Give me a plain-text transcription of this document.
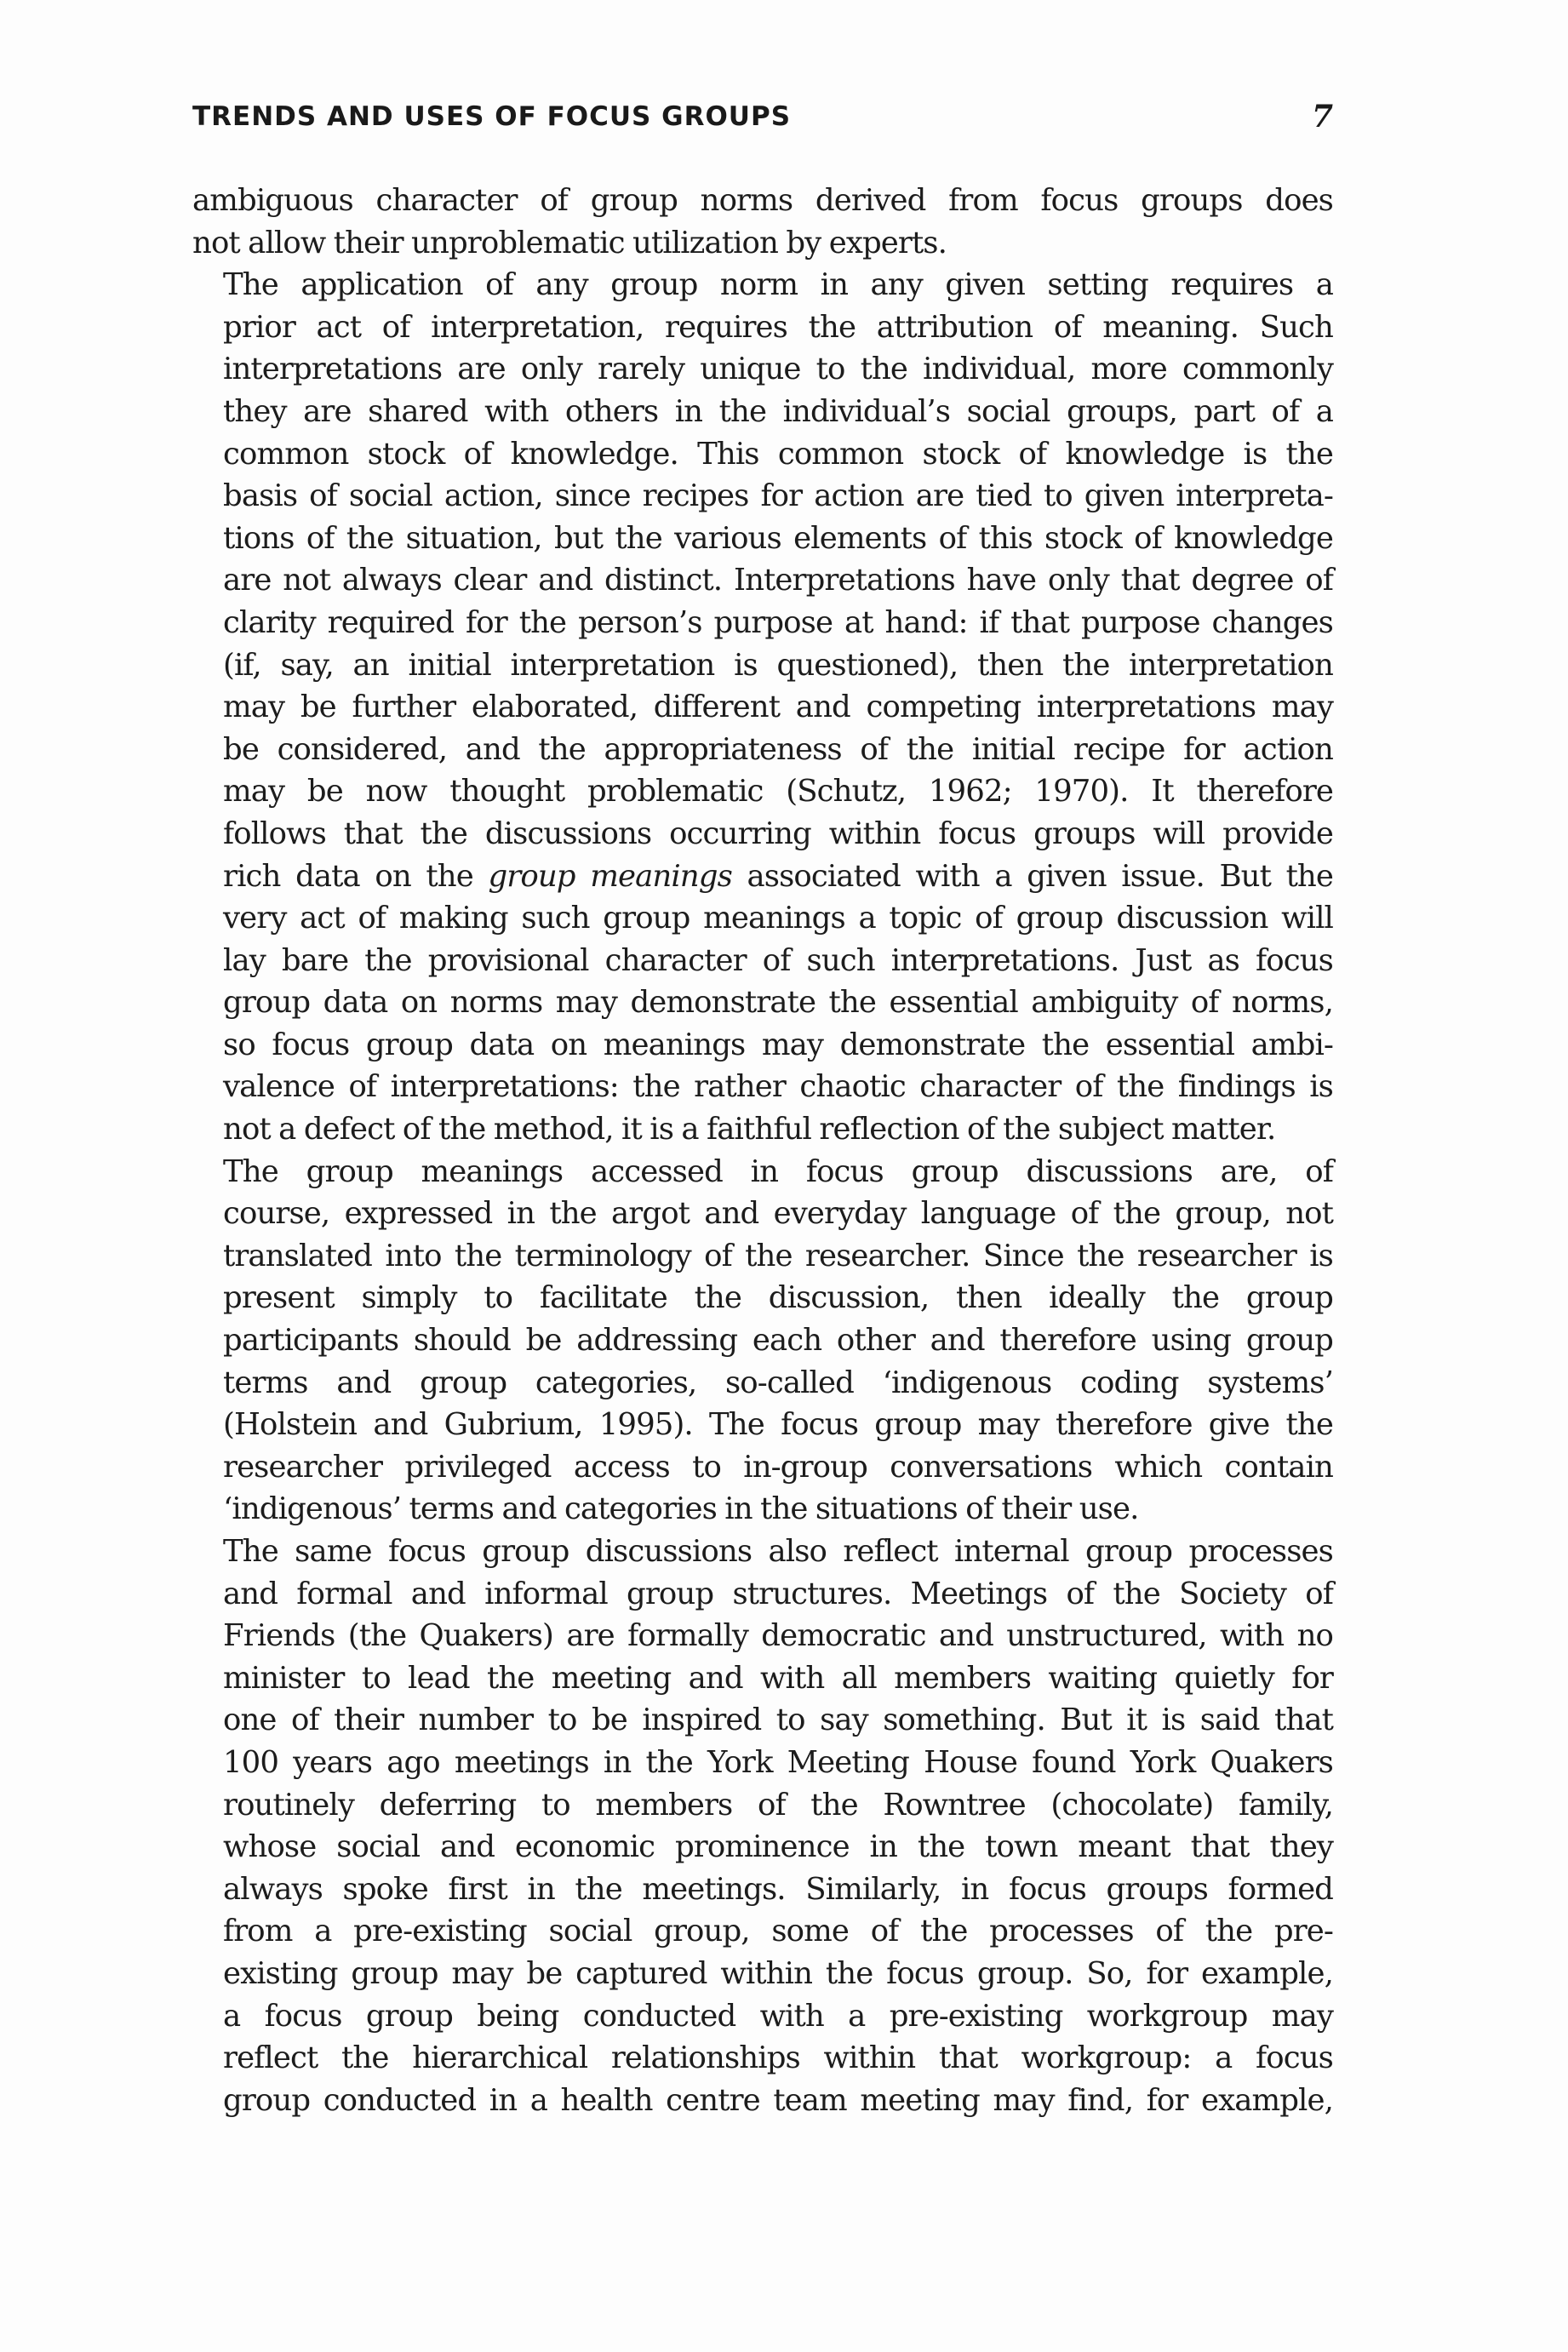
TRENDS AND USES OF FOCUS GROUPS	7

ambiguous character of group norms derived from focus groups does
not allow their unproblematic utilization by experts.

The application of any group norm in any given setting requires a
prior act of interpretation, requires the attribution of meaning. Such
interpretations are only rarely unique to the individual, more commonly
they are shared with others in the individual’s social groups, part of a
common stock of knowledge. This common stock of knowledge is the
basis of social action, since recipes for action are tied to given interpreta-
tions of the situation, but the various elements of this stock of knowledge
are not always clear and distinct. Interpretations have only that degree of
clarity required for the person’s purpose at hand: if that purpose changes
(if, say, an initial interpretation is questioned), then the interpretation
may be further elaborated, different and competing interpretations may
be considered, and the appropriateness of the initial recipe for action
may be now thought problematic (Schutz, 1962; 1970). It therefore
follows that the discussions occurring within focus groups will provide
rich data on the group meanings associated with a given issue. But the
very act of making such group meanings a topic of group discussion will
lay bare the provisional character of such interpretations. Just as focus
group data on norms may demonstrate the essential ambiguity of norms,
so focus group data on meanings may demonstrate the essential ambi-
valence of interpretations: the rather chaotic character of the findings is
not a defect of the method, it is a faithful reflection of the subject matter.

The group meanings accessed in focus group discussions are, of
course, expressed in the argot and everyday language of the group, not
translated into the terminology of the researcher. Since the researcher is
present simply to facilitate the discussion, then ideally the group
participants should be addressing each other and therefore using group
terms and group categories, so-called ‘indigenous coding systems’
(Holstein and Gubrium, 1995). The focus group may therefore give the
researcher privileged access to in-group conversations which contain
‘indigenous’ terms and categories in the situations of their use.

The same focus group discussions also reflect internal group processes
and formal and informal group structures. Meetings of the Society of
Friends (the Quakers) are formally democratic and unstructured, with no
minister to lead the meeting and with all members waiting quietly for
one of their number to be inspired to say something. But it is said that
100 years ago meetings in the York Meeting House found York Quakers
routinely deferring to members of the Rowntree (chocolate) family,
whose social and economic prominence in the town meant that they
always spoke first in the meetings. Similarly, in focus groups formed
from a pre-existing social group, some of the processes of the pre-
existing group may be captured within the focus group. So, for example,
a focus group being conducted with a pre-existing workgroup may
reflect the hierarchical relationships within that workgroup: a focus
group conducted in a health centre team meeting may find, for example,
